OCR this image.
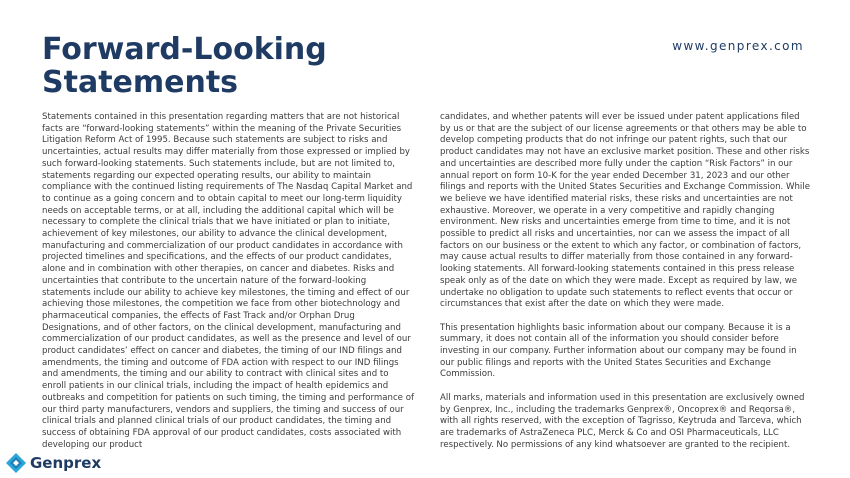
Forward-Looking Statements
www.genprex.com

Statements contained in this presentation regarding matters that are not historical facts are “forward-looking statements” within the meaning of the Private Securities Litigation Reform Act of 1995. Because such statements are subject to risks and uncertainties, actual results may differ materially from those expressed or implied by such forward-looking statements. Such statements include, but are not limited to, statements regarding our expected operating results, our ability to maintain compliance with the continued listing requirements of The Nasdaq Capital Market and to continue as a going concern and to obtain capital to meet our long-term liquidity needs on acceptable terms, or at all, including the additional capital which will be necessary to complete the clinical trials that we have initiated or plan to initiate, achievement of key milestones, our ability to advance the clinical development, manufacturing and commercialization of our product candidates in accordance with projected timelines and specifications, and the effects of our product candidates, alone and in combination with other therapies, on cancer and diabetes. Risks and uncertainties that contribute to the uncertain nature of the forward-looking statements include our ability to achieve key milestones, the timing and effect of our achieving those milestones, the competition we face from other biotechnology and pharmaceutical companies, the effects of Fast Track and/or Orphan Drug Designations, and of other factors, on the clinical development, manufacturing and commercialization of our product candidates, as well as the presence and level of our product candidates’ effect on cancer and diabetes, the timing of our IND filings and amendments, the timing and outcome of FDA action with respect to our IND filings and amendments, the timing and our ability to contract with clinical sites and to enroll patients in our clinical trials, including the impact of health epidemics and outbreaks and competition for patients on such timing, the timing and performance of our third party manufacturers, vendors and suppliers, the timing and success of our clinical trials and planned clinical trials of our product candidates, the timing and success of obtaining FDA approval of our product candidates, costs associated with developing our product

candidates, and whether patents will ever be issued under patent applications filed by us or that are the subject of our license agreements or that others may be able to develop competing products that do not infringe our patent rights, such that our product candidates may not have an exclusive market position. These and other risks and uncertainties are described more fully under the caption “Risk Factors” in our annual report on form 10-K for the year ended December 31, 2023 and our other filings and reports with the United States Securities and Exchange Commission. While we believe we have identified material risks, these risks and uncertainties are not exhaustive. Moreover, we operate in a very competitive and rapidly changing environment. New risks and uncertainties emerge from time to time, and it is not possible to predict all risks and uncertainties, nor can we assess the impact of all factors on our business or the extent to which any factor, or combination of factors, may cause actual results to differ materially from those contained in any forward-looking statements. All forward-looking statements contained in this press release speak only as of the date on which they were made. Except as required by law, we undertake no obligation to update such statements to reflect events that occur or circumstances that exist after the date on which they were made.

This presentation highlights basic information about our company. Because it is a summary, it does not contain all of the information you should consider before investing in our company. Further information about our company may be found in our public filings and reports with the United States Securities and Exchange Commission.

All marks, materials and information used in this presentation are exclusively owned by Genprex, Inc., including the trademarks Genprex®, Oncoprex® and Reqorsa®, with all rights reserved, with the exception of Tagrisso, Keytruda and Tarceva, which are trademarks of AstraZeneca PLC, Merck & Co and OSI Pharmaceuticals, LLC respectively. No permissions of any kind whatsoever are granted to the recipient.

Genprex
